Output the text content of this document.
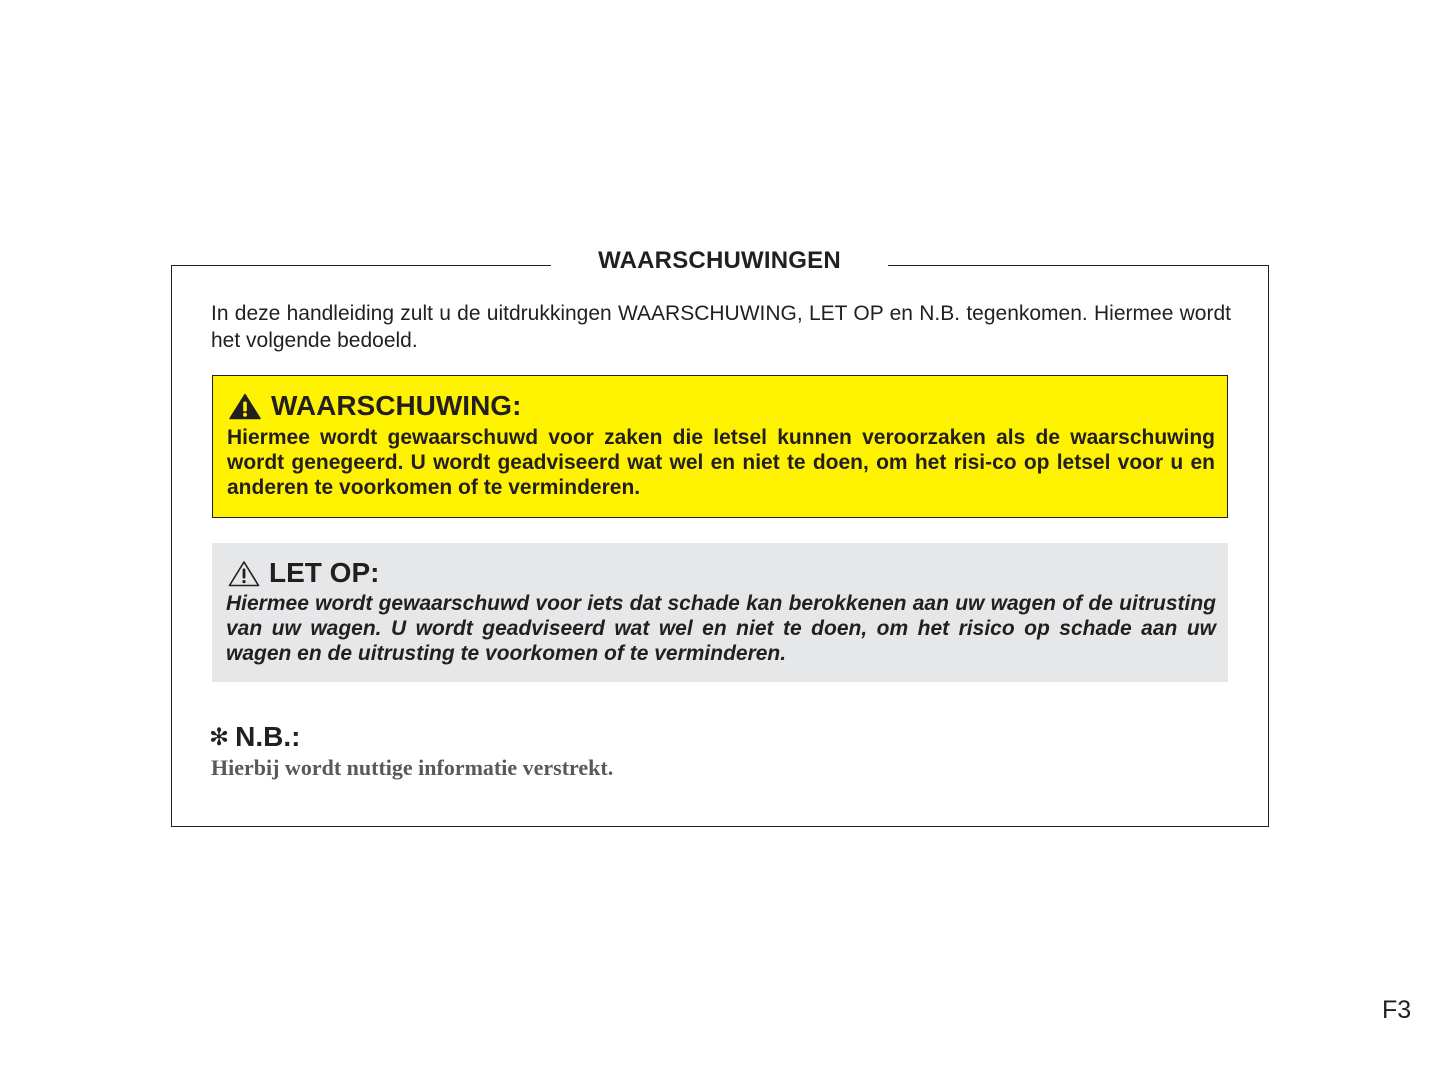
WAARSCHUWINGEN

In deze handleiding zult u de uitdrukkingen WAARSCHUWING, LET OP en N.B. tegenkomen. Hiermee wordt het volgende bedoeld.

WAARSCHUWING:

Hiermee wordt gewaarschuwd voor zaken die letsel kunnen veroorzaken als de waarschuwing wordt genegeerd. U wordt geadviseerd wat wel en niet te doen, om het risi-co op letsel voor u en anderen te voorkomen of te verminderen.

LET OP:

Hiermee wordt gewaarschuwd voor iets dat schade kan berokkenen aan uw wagen of de uitrusting van uw wagen. U wordt geadviseerd wat wel en niet te doen, om het risico op schade aan uw wagen en de uitrusting te voorkomen of te verminderen.

✻ N.B.:

Hierbij wordt nuttige informatie verstrekt.

F3
